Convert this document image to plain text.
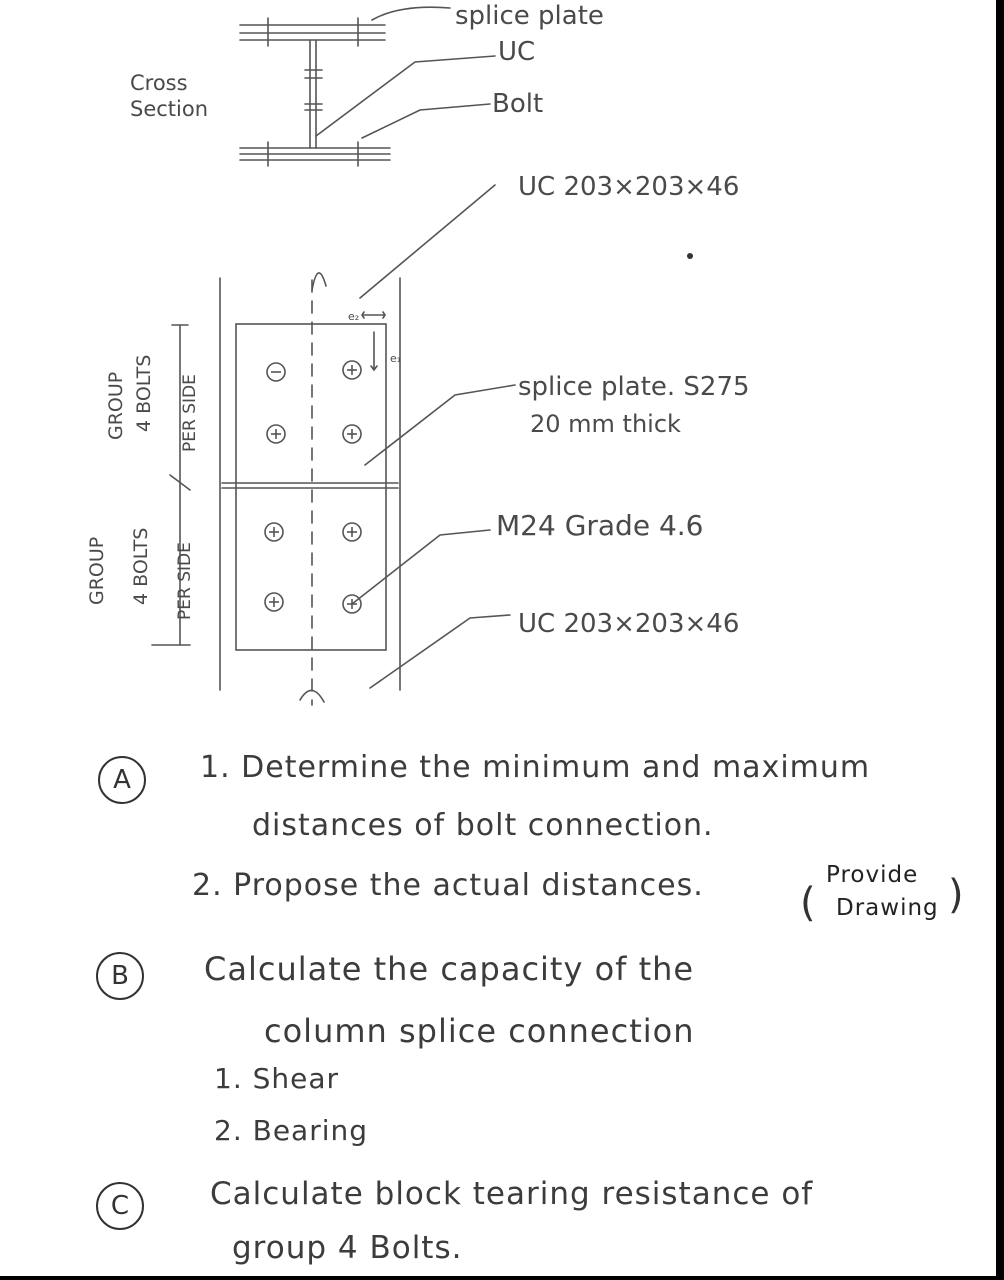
Cross
Section
splice plate
UC
Bolt
UC 203×203×46
splice plate. S275
20 mm thick
M24 Grade 4.6
UC 203×203×46
e₂
e₁
GROUP 4 BOLTS PER SIDE
GROUP 4 BOLTS PER SIDE
A	1. Determine the minimum and maximum
distances of bolt connection.
2. Propose the actual distances. (
Provide
Drawing )
B	Calculate the capacity of the
column splice connection
1. Shear
2. Bearing
C	Calculate block tearing resistance of
group 4 Bolts.
